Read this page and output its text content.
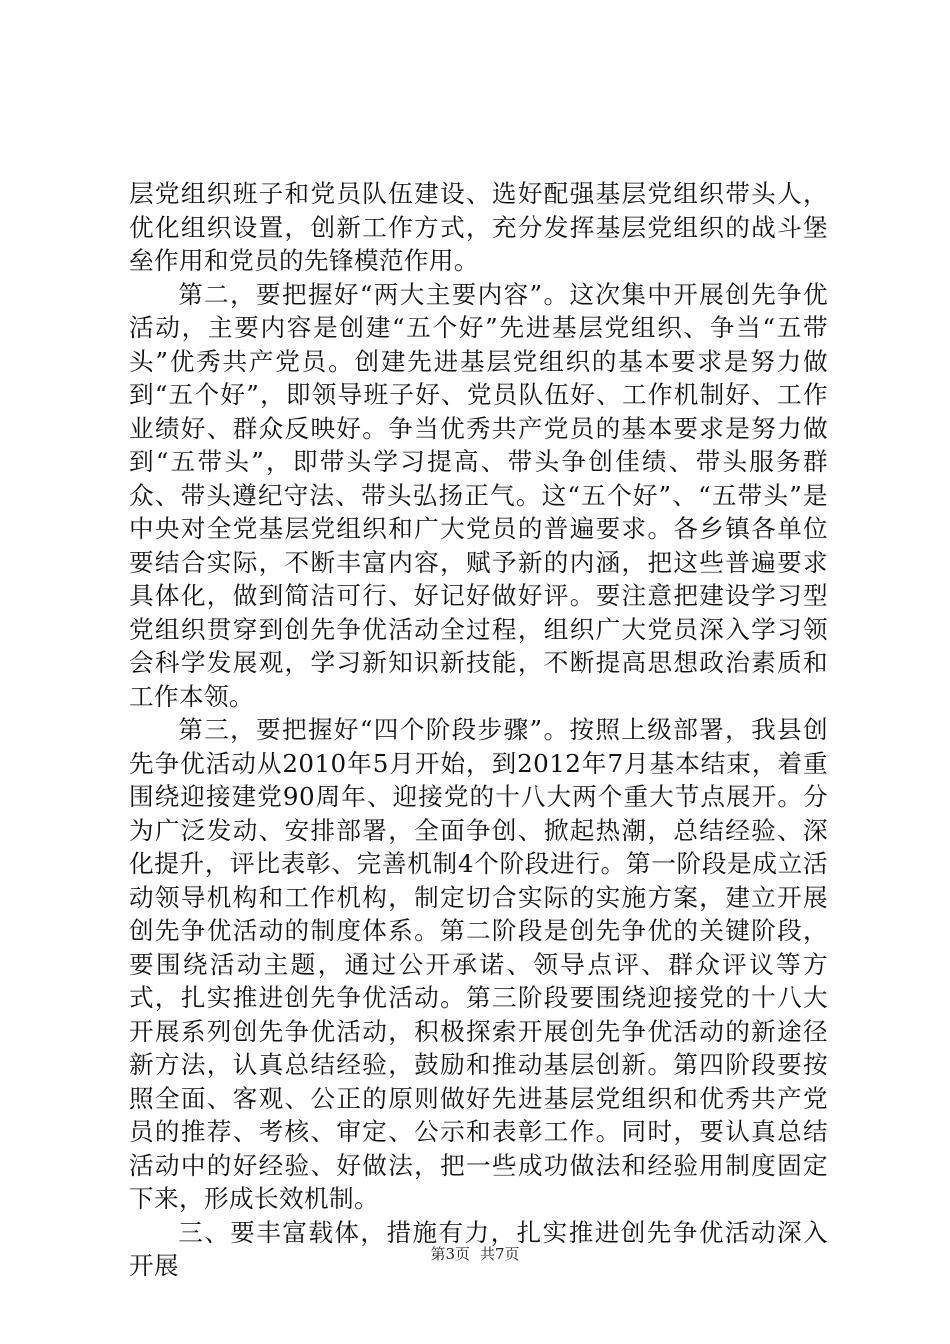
层党组织班子和党员队伍建设、选好配强基层党组织带头人，优化组织设置，创新工作方式，充分发挥基层党组织的战斗堡垒作用和党员的先锋模范作用。

第二，要把握好“两大主要内容”。这次集中开展创先争优活动，主要内容是创建“五个好”先进基层党组织、争当“五带头”优秀共产党员。创建先进基层党组织的基本要求是努力做到“五个好”，即领导班子好、党员队伍好、工作机制好、工作业绩好、群众反映好。争当优秀共产党员的基本要求是努力做到“五带头”，即带头学习提高、带头争创佳绩、带头服务群众、带头遵纪守法、带头弘扬正气。这“五个好”、“五带头”是中央对全党基层党组织和广大党员的普遍要求。各乡镇各单位要结合实际，不断丰富内容，赋予新的内涵，把这些普遍要求具体化，做到简洁可行、好记好做好评。要注意把建设学习型党组织贯穿到创先争优活动全过程，组织广大党员深入学习领会科学发展观，学习新知识新技能，不断提高思想政治素质和工作本领。

第三，要把握好“四个阶段步骤”。按照上级部署，我县创先争优活动从2010年5月开始，到2012年7月基本结束，着重围绕迎接建党90周年、迎接党的十八大两个重大节点展开。分为广泛发动、安排部署，全面争创、掀起热潮，总结经验、深化提升，评比表彰、完善机制4个阶段进行。第一阶段是成立活动领导机构和工作机构，制定切合实际的实施方案，建立开展创先争优活动的制度体系。第二阶段是创先争优的关键阶段，要围绕活动主题，通过公开承诺、领导点评、群众评议等方式，扎实推进创先争优活动。第三阶段要围绕迎接党的十八大开展系列创先争优活动，积极探索开展创先争优活动的新途径新方法，认真总结经验，鼓励和推动基层创新。第四阶段要按照全面、客观、公正的原则做好先进基层党组织和优秀共产党员的推荐、考核、审定、公示和表彰工作。同时，要认真总结活动中的好经验、好做法，把一些成功做法和经验用制度固定下来，形成长效机制。

三、要丰富载体，措施有力，扎实推进创先争优活动深入开展	第3页 共7页
